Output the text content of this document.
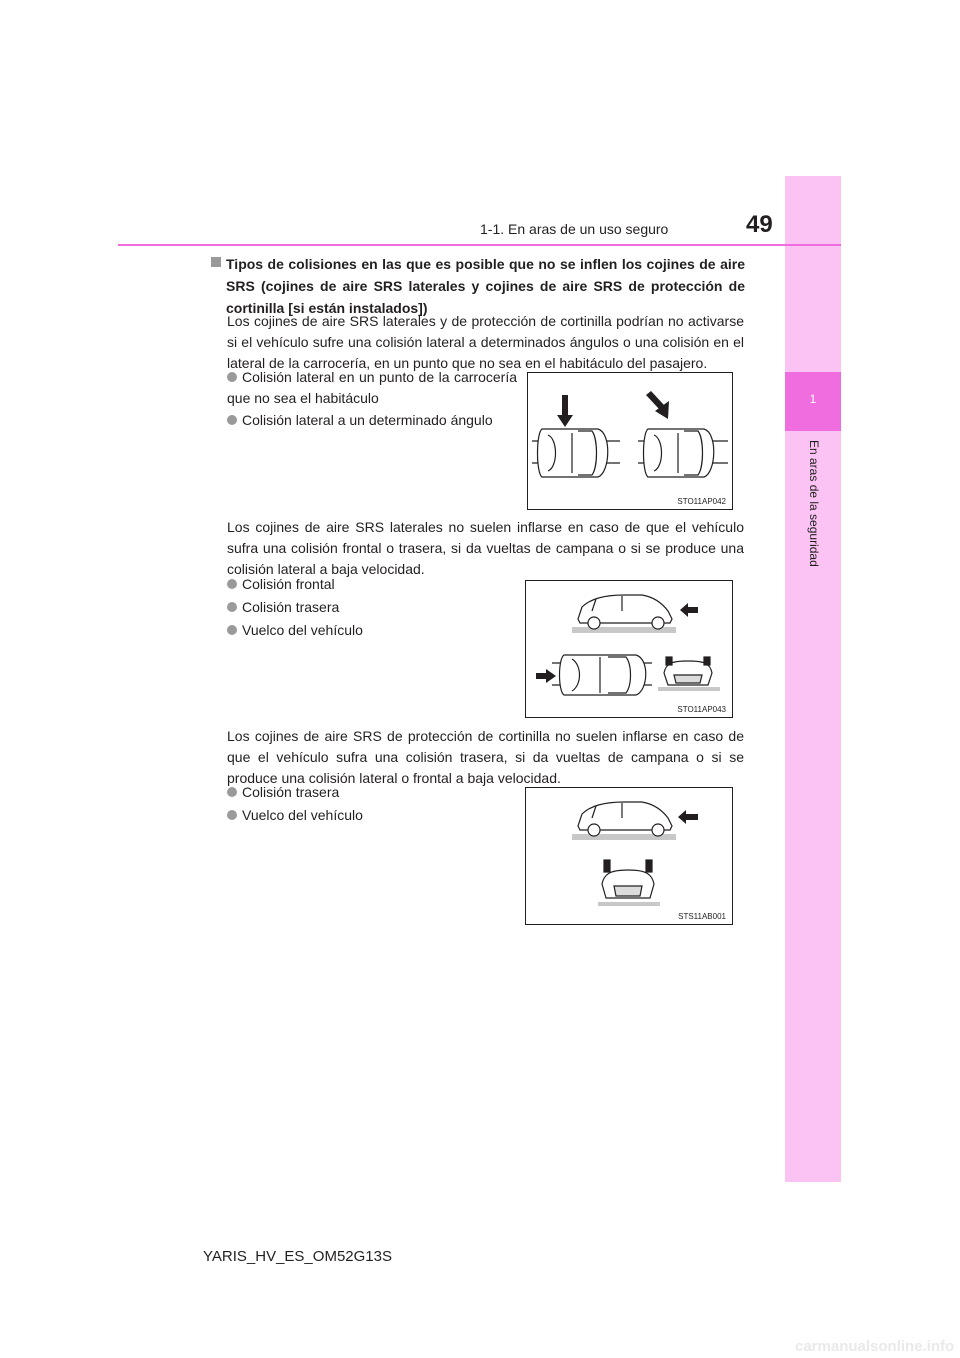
1
En aras de la seguridad
1-1. En aras de un uso seguro	49
Tipos de colisiones en las que es posible que no se inflen los cojines de aire SRS (cojines de aire SRS laterales y cojines de aire SRS de protección de cortinilla [si están instalados])
Los cojines de aire SRS laterales y de protección de cortinilla podrían no activarse si el vehículo sufre una colisión lateral a determinados ángulos o una colisión en el lateral de la carrocería, en un punto que no sea en el habitáculo del pasajero.
Colisión lateral en un punto de la carrocería que no sea el habitáculo
Colisión lateral a un determinado ángulo
STO11AP042
Los cojines de aire SRS laterales no suelen inflarse en caso de que el vehículo sufra una colisión frontal o trasera, si da vueltas de campana o si se produce una colisión lateral a baja velocidad.
Colisión frontal
Colisión trasera
Vuelco del vehículo
STO11AP043
Los cojines de aire SRS de protección de cortinilla no suelen inflarse en caso de que el vehículo sufra una colisión trasera, si da vueltas de campana o si se produce una colisión lateral o frontal a baja velocidad.
Colisión trasera
Vuelco del vehículo
STS11AB001
YARIS_HV_ES_OM52G13S
carmanualsonline.info
